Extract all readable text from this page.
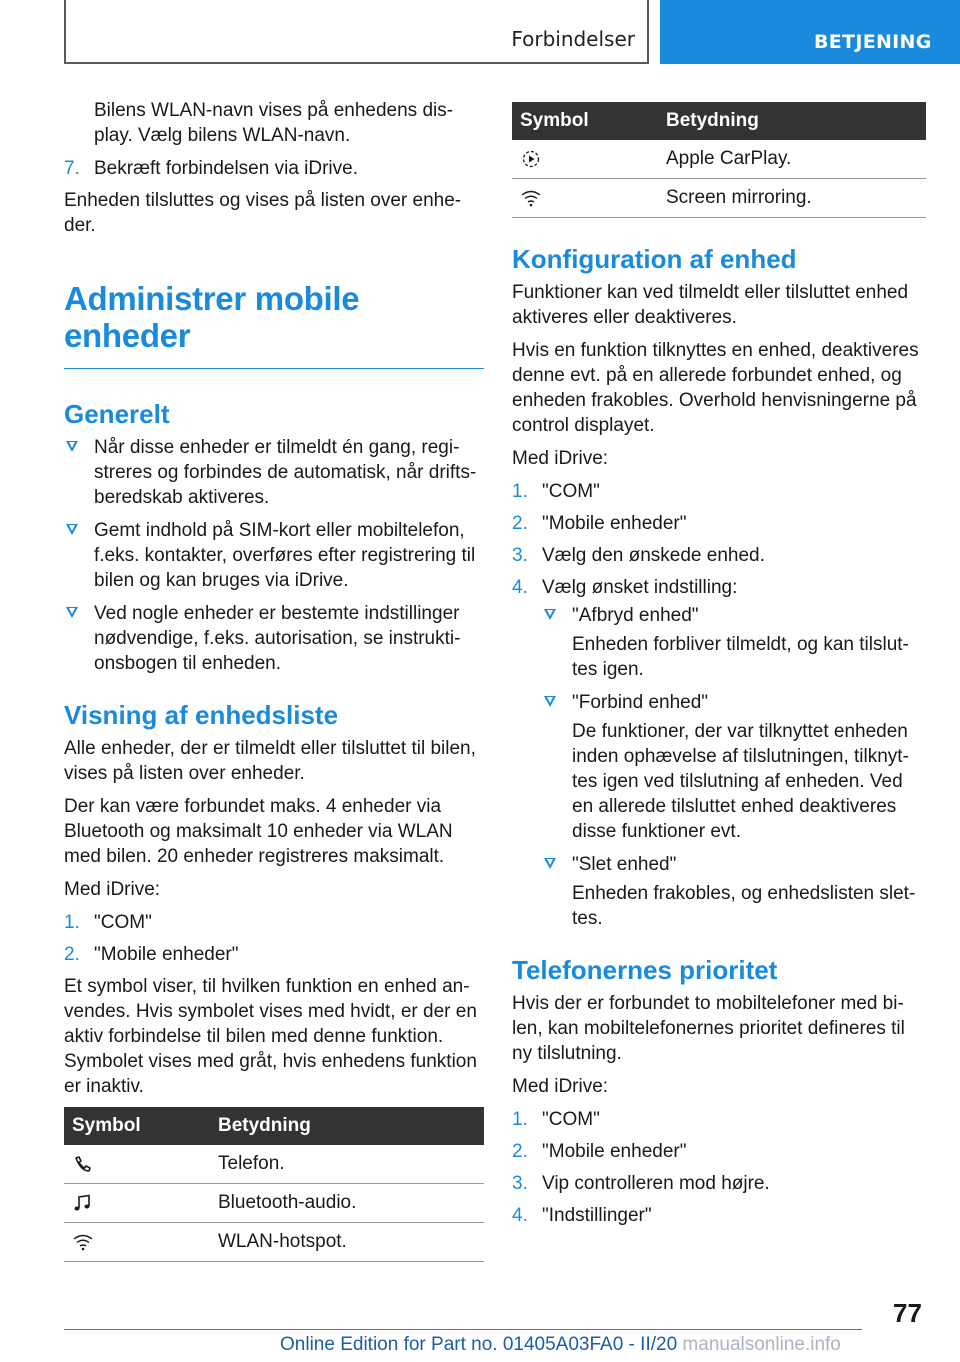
Forbindelser	BETJENING

Bilens WLAN-navn vises på enhedens dis-play. Vælg bilens WLAN-navn.

7. Bekræft forbindelsen via iDrive.

Enheden tilsluttes og vises på listen over enhe-der.

Administrer mobile enheder
Generelt
Når disse enheder er tilmeldt én gang, regi-streres og forbindes de automatisk, når drifts-beredskab aktiveres.
Gemt indhold på SIM-kort eller mobiltelefon, f.eks. kontakter, overføres efter registrering til bilen og kan bruges via iDrive.
Ved nogle enheder er bestemte indstillinger nødvendige, f.eks. autorisation, se instrukti-onsbogen til enheden.
Visning af enhedsliste

Alle enheder, der er tilmeldt eller tilsluttet til bilen, vises på listen over enheder.

Der kan være forbundet maks. 4 enheder via Bluetooth og maksimalt 10 enheder via WLAN med bilen. 20 enheder registreres maksimalt.

Med iDrive:

1. "COM"
2. "Mobile enheder"

Et symbol viser, til hvilken funktion en enhed an-vendes. Hvis symbolet vises med hvidt, er der en aktiv forbindelse til bilen med denne funktion. Symbolet vises med gråt, hvis enhedens funktion er inaktiv.

Symbol	Betydning
	Telefon.
	Bluetooth-audio.
	WLAN-hotspot.
Symbol	Betydning
	Apple CarPlay.
	Screen mirroring.
Konfiguration af enhed

Funktioner kan ved tilmeldt eller tilsluttet enhed aktiveres eller deaktiveres.

Hvis en funktion tilknyttes en enhed, deaktiveres denne evt. på en allerede forbundet enhed, og enheden frakobles. Overhold henvisningerne på control displayet.

Med iDrive:

1. "COM"
2. "Mobile enheder"
3. Vælg den ønskede enhed.
4. Vælg ønsket indstilling:
"Afbryd enhed"

Enheden forbliver tilmeldt, og kan tilslut-tes igen.

"Forbind enhed"

De funktioner, der var tilknyttet enheden inden ophævelse af tilslutningen, tilknyt-tes igen ved tilslutning af enheden. Ved en allerede tilsluttet enhed deaktiveres disse funktioner evt.

"Slet enhed"

Enheden frakobles, og enhedslisten slet-tes.

Telefonernes prioritet

Hvis der er forbundet to mobiltelefoner med bi-len, kan mobiltelefonernes prioritet defineres til ny tilslutning.

Med iDrive:

1. "COM"
2. "Mobile enheder"
3. Vip controlleren mod højre.
4. "Indstillinger"
77
Online Edition for Part no. 01405A03FA0 - II/20 manualsonline.info
